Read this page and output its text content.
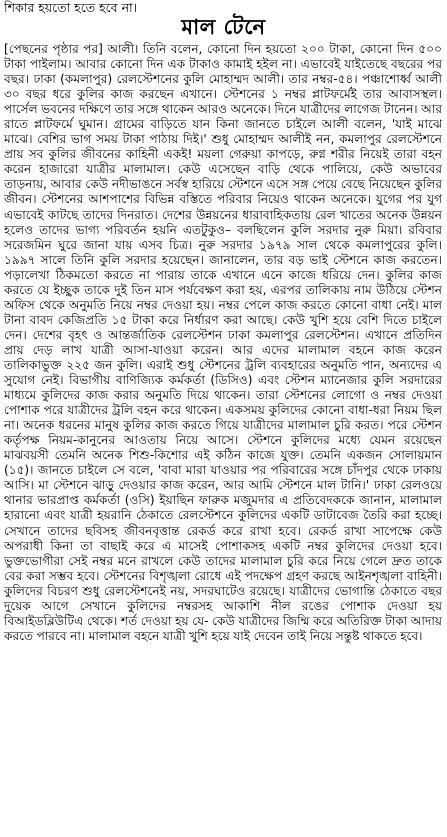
শিকার হয়তো হতে হবে না।
মাল টেনে
[পেছনের পৃষ্ঠার পর] আলী। তিনি বলেন, কোনো দিন হয়তো ২০০ টাকা, কোনো দিন ৫০০ টাকা পাইলাম। আবার কোনো দিন এক টাকাও কামাই হইল না। এভাবেই যাইতেছে বছরের পর বছর। ঢাকা (কমলাপুর) রেলস্টেশনের কুলি মোহাম্মদ আলী। তার নম্বর-৫৪। পঞ্চাশোর্ধ্ব আলী ৩০ বছর ধরে কুলির কাজ করছেন এখানে। স্টেশনের ১ নম্বর প্লাটফর্মেই তার আবাসস্থল। পার্সেল ভবনের দক্ষিণে তার সঙ্গে থাকেন আরও অনেকে। দিনে যাত্রীদের লাগেজ টানেন। আর রাতে প্লাটফর্মে ঘুমান। গ্রামের বাড়িতে যান কিনা জানতে চাইলে আলী বলেন, 'যাই মাঝে মাঝে। বেশির ভাগ সময় টাকা পাঠায় দিই।' শুধু মোহাম্মদ আলীই নন, কমলাপুর রেলস্টেশনে প্রায় সব কুলির জীবনের কাহিনী একই! ময়লা গেরুয়া কাপড়ে, রুগ্ন শরীর নিয়েই তারা বহন করেন হাজারো যাত্রীর মালামাল। কেউ এসেছেন বাড়ি থেকে পালিয়ে, কেউ অভাবের তাড়নায়, আবার কেউ নদীভাঙনে সর্বস্ব হারিয়ে স্টেশনে এসে সঙ্গ পেয়ে বেছে নিয়েছেন কুলির জীবন। স্টেশনের আশপাশের বিভিন্ন বস্তিতে পরিবার নিয়েও থাকেন অনেকে। যুগের পর যুগ এভাবেই কাটছে তাদের দিনরাত। দেশের উন্নয়নের ধারাবাহিকতায় রেল খাতের অনেক উন্নয়ন হলেও তাদের ভাগ্য পরিবর্তন হয়নি এতটুকুও– বলছিলেন কুলি সরদার নুরু মিয়া। রবিবার সরেজমিন ঘুরে জানা যায় এসব চিত্র। নুরু সরদার ১৯৭৯ সাল থেকে কমলাপুরের কুলি। ১৯৯৭ সালে তিনি কুলি সরদার হয়েছেন। জানালেন, তার বড় ভাই স্টেশনে কাজ করতেন। পড়ালেখা ঠিকমতো করতে না পারায় তাকে এখানে এনে কাজে ধরিয়ে দেন। কুলির কাজ করতে যে ইচ্ছুক তাকে দুই তিন মাস পর্যবেক্ষণ করা হয়, এরপর তালিকায় নাম উঠিয়ে স্টেশন অফিস থেকে অনুমতি নিয়ে নম্বর দেওয়া হয়। নম্বর পেলে কাজ করতে কোনো বাধা নেই। মাল টানা বাবদ কেজিপ্রতি ১৫ টাকা করে নির্ধারণ করা আছে। কেউ খুশি হয়ে বেশি দিতে চাইলে দেন। দেশের বৃহৎ ও আন্তর্জাতিক রেলস্টেশন ঢাকা কমলাপুর রেলস্টেশন। এখানে প্রতিদিন প্রায় দেড় লাখ যাত্রী আসা-যাওয়া করেন। আর এদের মালামাল বহনে কাজ করেন তালিকাভুক্ত ২২৫ জন কুলি। এরাই শুধু স্টেশনের ট্রলি ব্যবহারের অনুমতি পান, অন্যদের এ সুযোগ নেই। বিভাগীয় বাণিজ্যিক কর্মকর্তা (ডিসিও) এবং স্টেশন ম্যানেজার কুলি সরদারের মাধ্যমে কুলিদের কাজ করার অনুমতি দিয়ে থাকেন। তারা স্টেশনের লোগো ও নম্বর দেওয়া পোশাক পরে যাত্রীদের ট্রলি বহন করে থাকেন। একসময় কুলিদের কোনো বাধা-ধরা নিয়ম ছিল না। অনেক ধরনের মানুষ কুলির কাজ করতে গিয়ে যাত্রীদের মালামাল চুরি করত। পরে স্টেশন কর্তৃপক্ষ নিয়ম-কানুনের আওতায় নিয়ে আসে। স্টেশনে কুলিদের মধ্যে যেমন রয়েছেন মাঝবয়সী তেমনি অনেক শিশু-কিশোর এই কঠিন কাজে যুক্ত। তেমনি একজন সোলায়মান (১৫)। জানতে চাইলে সে বলে, 'বাবা মারা যাওয়ার পর পরিবারের সঙ্গে চাঁদপুর থেকে ঢাকায় আসি। মা স্টেশনে ঝাড়ু দেওয়ার কাজ করেন, আর আমি স্টেশনে মাল টানি।' ঢাকা রেলওয়ে থানার ভারপ্রাপ্ত কর্মকর্তা (ওসি) ইয়াছিন ফারুক মজুমদার এ প্রতিবেদককে জানান, মালামাল হারানো এবং যাত্রী হয়রানি ঠেকাতে রেলস্টেশনে কুলিদের একটি ডাটাবেজ তৈরি করা হচ্ছে। সেখানে তাদের ছবিসহ জীবনবৃত্তান্ত রেকর্ড করে রাখা হবে। রেকর্ড রাখা সাপেক্ষে কেউ অপরাধী কিনা তা বাছাই করে এ মাসেই পোশাকসহ একটি নম্বর কুলিদের দেওয়া হবে। ভুক্তভোগীরা সেই নম্বর মনে রাখলে কেউ তাদের মালামাল চুরি করে নিয়ে গেলে দ্রুত তাকে বের করা সম্ভব হবে। স্টেশনের বিশৃঙ্খলা রোধে এই পদক্ষেপ গ্রহণ করছে আইনশৃঙ্খলা বাহিনী। কুলিদের বিচরণ শুধু রেলস্টেশনেই নয়, সদরঘাটেও রয়েছে। যাত্রীদের ভোগান্তি ঠেকাতে বছর দুয়েক আগে সেখানে কুলিদের নম্বরসহ আকাশি নীল রঙের পোশাক দেওয়া হয় বিআইডব্লিউটিএ থেকে। শর্ত দেওয়া হয় যে- কেউ যাত্রীদের জিম্মি করে অতিরিক্ত টাকা আদায় করতে পারবে না। মালামাল বহনে যাত্রী খুশি হয়ে যাই দেবেন তাই নিয়ে সন্তুষ্ট থাকতে হবে।
